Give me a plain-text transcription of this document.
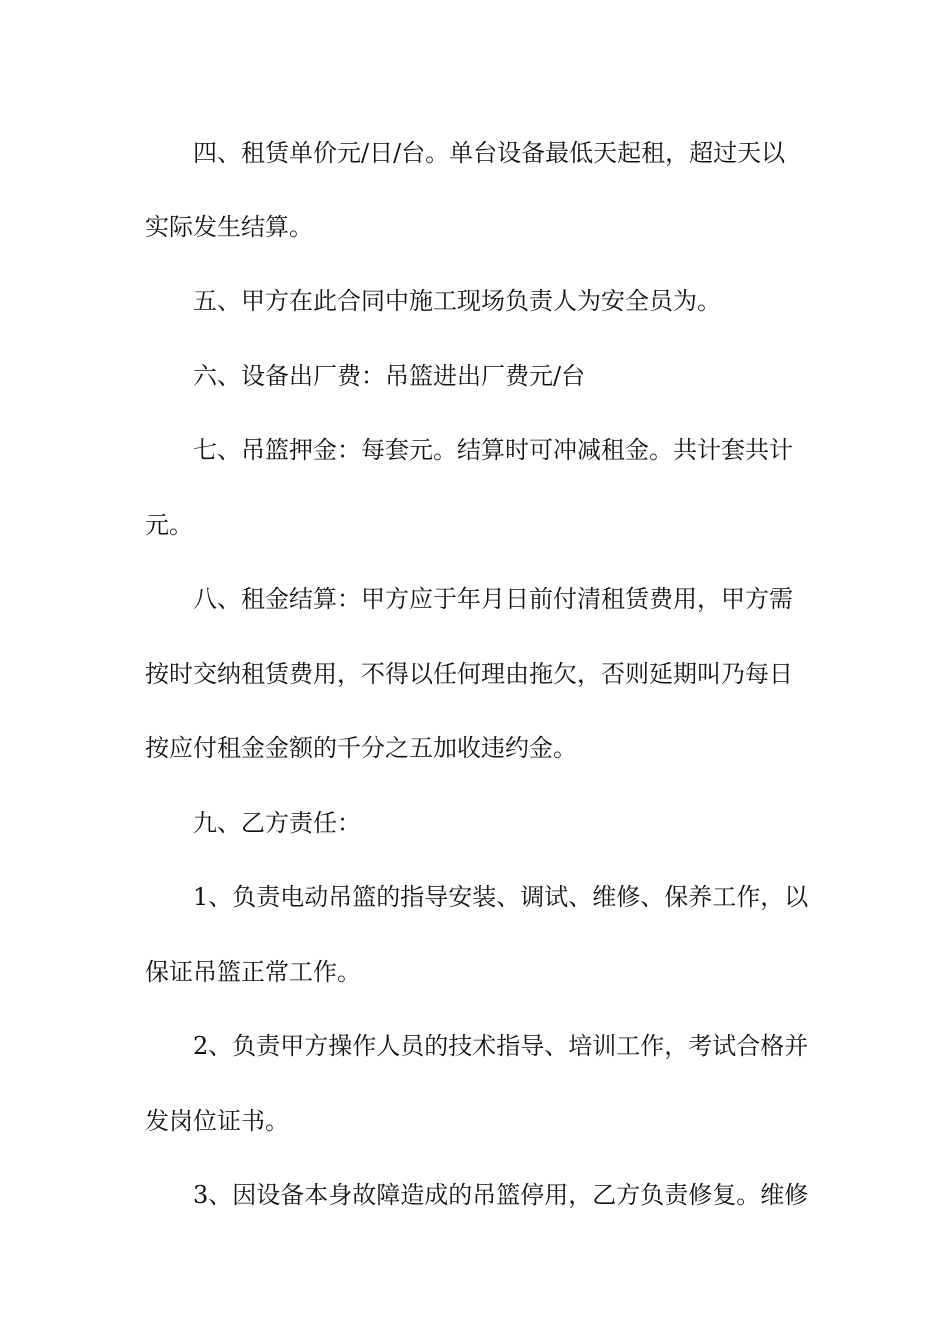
四、租赁单价元/日/台。单台设备最低天起租，超过天以
实际发生结算。
五、甲方在此合同中施工现场负责人为安全员为。
六、设备出厂费：吊篮进出厂费元/台
七、吊篮押金：每套元。结算时可冲减租金。共计套共计
元。
八、租金结算：甲方应于年月日前付清租赁费用，甲方需
按时交纳租赁费用，不得以任何理由拖欠，否则延期叫乃每日
按应付租金金额的千分之五加收违约金。
九、乙方责任：
1、负责电动吊篮的指导安装、调试、维修、保养工作，以
保证吊篮正常工作。
2、负责甲方操作人员的技术指导、培训工作，考试合格并
发岗位证书。
3、因设备本身故障造成的吊篮停用，乙方负责修复。维修
